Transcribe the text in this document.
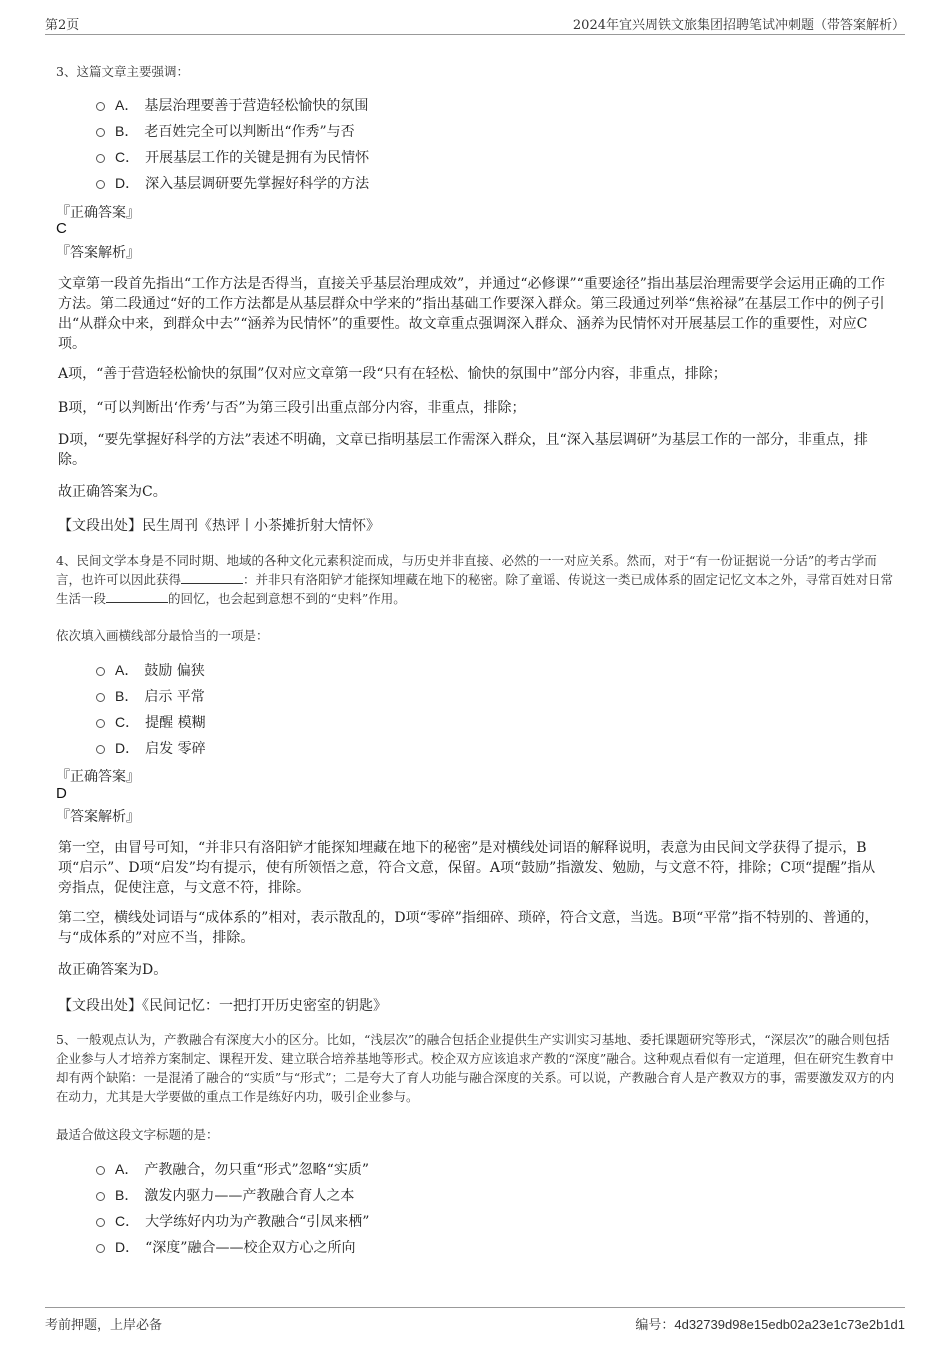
第2页	2024年宜兴周铁文旅集团招聘笔试冲刺题（带答案解析）
3、这篇文章主要强调：
A． 基层治理要善于营造轻松愉快的氛围
B． 老百姓完全可以判断出“作秀”与否
C． 开展基层工作的关键是拥有为民情怀
D． 深入基层调研要先掌握好科学的方法
『正确答案』
C
『答案解析』
文章第一段首先指出“工作方法是否得当，直接关乎基层治理成效”，并通过“必修课”“重要途径”指出基层治理需要学会运用正确的工作方法。第二段通过“好的工作方法都是从基层群众中学来的”指出基础工作要深入群众。第三段通过列举“焦裕禄”在基层工作中的例子引出“从群众中来，到群众中去”“涵养为民情怀”的重要性。故文章重点强调深入群众、涵养为民情怀对开展基层工作的重要性，对应C项。
A项，“善于营造轻松愉快的氛围”仅对应文章第一段“只有在轻松、愉快的氛围中”部分内容，非重点，排除；
B项，“可以判断出‘作秀’与否”为第三段引出重点部分内容，非重点，排除；
D项，“要先掌握好科学的方法”表述不明确，文章已指明基层工作需深入群众，且“深入基层调研”为基层工作的一部分，非重点，排除。
故正确答案为C。
【文段出处】民生周刊《热评丨小茶摊折射大情怀》
4、民间文学本身是不同时期、地域的各种文化元素积淀而成，与历史并非直接、必然的一一对应关系。然而，对于“有一份证据说一分话”的考古学而言，也许可以因此获得	：并非只有洛阳铲才能探知埋藏在地下的秘密。除了童谣、传说这一类已成体系的固定记忆文本之外，寻常百姓对日常生活一段	的回忆，也会起到意想不到的“史料”作用。
依次填入画横线部分最恰当的一项是：
A． 鼓励 偏狭
B． 启示 平常
C． 提醒 模糊
D． 启发 零碎
『正确答案』
D
『答案解析』
第一空，由冒号可知，“并非只有洛阳铲才能探知埋藏在地下的秘密”是对横线处词语的解释说明，表意为由民间文学获得了提示，B项“启示”、D项“启发”均有提示，使有所领悟之意，符合文意，保留。A项“鼓励”指激发、勉励，与文意不符，排除；C项“提醒”指从旁指点，促使注意，与文意不符，排除。
第二空，横线处词语与“成体系的”相对，表示散乱的，D项“零碎”指细碎、琐碎，符合文意，当选。B项“平常”指不特别的、普通的，与“成体系的”对应不当，排除。
故正确答案为D。
【文段出处】《民间记忆：一把打开历史密室的钥匙》
5、一般观点认为，产教融合有深度大小的区分。比如，“浅层次”的融合包括企业提供生产实训实习基地、委托课题研究等形式，“深层次”的融合则包括企业参与人才培养方案制定、课程开发、建立联合培养基地等形式。校企双方应该追求产教的“深度”融合。这种观点看似有一定道理，但在研究生教育中却有两个缺陷：一是混淆了融合的“实质”与“形式”；二是夸大了育人功能与融合深度的关系。可以说，产教融合育人是产教双方的事，需要激发双方的内在动力，尤其是大学要做的重点工作是练好内功，吸引企业参与。
最适合做这段文字标题的是：
A． 产教融合，勿只重“形式”忽略“实质”
B． 激发内驱力——产教融合育人之本
C． 大学练好内功为产教融合“引凤来栖”
D． “深度”融合——校企双方心之所向
考前押题，上岸必备	编号：4d32739d98e15edb02a23e1c73e2b1d1
